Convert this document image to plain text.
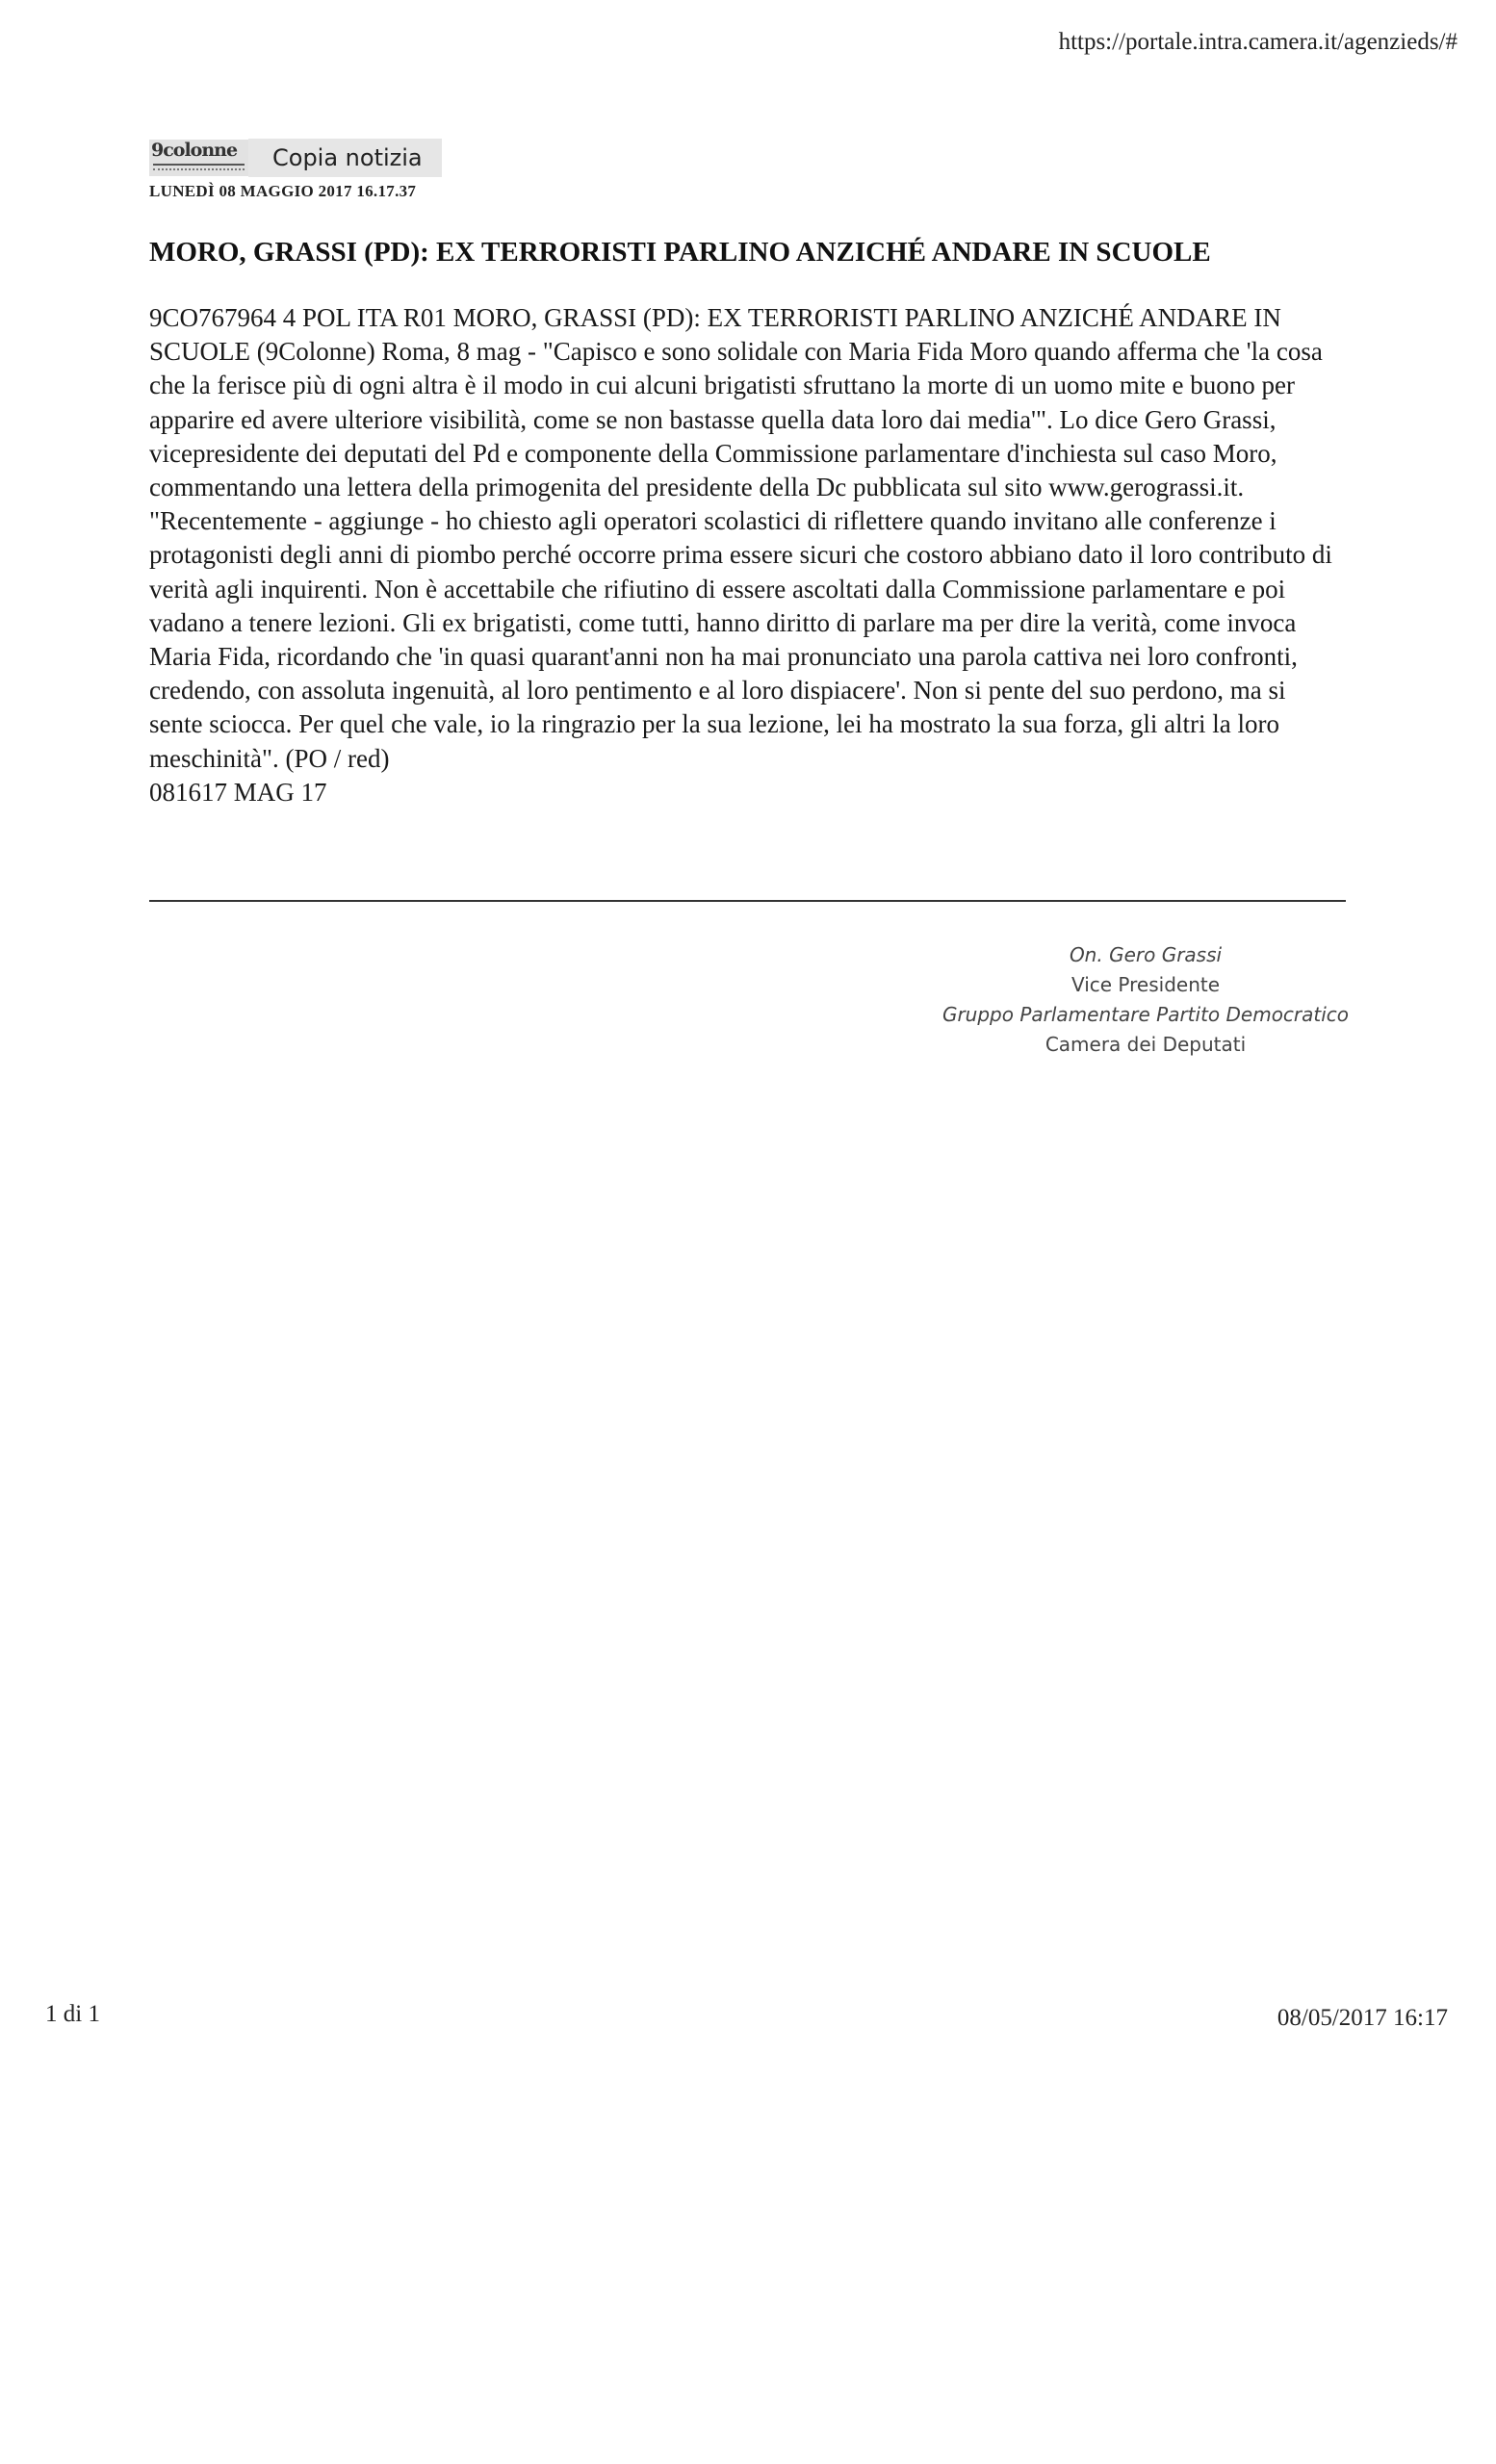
https://portale.intra.camera.it/agenzieds/#
9colonne	Copia notizia
LUNEDÌ 08 MAGGIO 2017 16.17.37
MORO, GRASSI (PD): EX TERRORISTI PARLINO ANZICHÉ ANDARE IN SCUOLE

9CO767964 4 POL ITA R01 MORO, GRASSI (PD): EX TERRORISTI PARLINO ANZICHÉ ANDARE IN SCUOLE (9Colonne) Roma, 8 mag - "Capisco e sono solidale con Maria Fida Moro quando afferma che 'la cosa che la ferisce più di ogni altra è il modo in cui alcuni brigatisti sfruttano la morte di un uomo mite e buono per apparire ed avere ulteriore visibilità, come se non bastasse quella data loro dai media'". Lo dice Gero Grassi, vicepresidente dei deputati del Pd e componente della Commissione parlamentare d'inchiesta sul caso Moro, commentando una lettera della primogenita del presidente della Dc pubblicata sul sito www.gerograssi.it. "Recentemente - aggiunge - ho chiesto agli operatori scolastici di riflettere quando invitano alle conferenze i protagonisti degli anni di piombo perché occorre prima essere sicuri che costoro abbiano dato il loro contributo di verità agli inquirenti. Non è accettabile che rifiutino di essere ascoltati dalla Commissione parlamentare e poi vadano a tenere lezioni. Gli ex brigatisti, come tutti, hanno diritto di parlare ma per dire la verità, come invoca Maria Fida, ricordando che 'in quasi quarant'anni non ha mai pronunciato una parola cattiva nei loro confronti, credendo, con assoluta ingenuità, al loro pentimento e al loro dispiacere'. Non si pente del suo perdono, ma si sente sciocca. Per quel che vale, io la ringrazio per la sua lezione, lei ha mostrato la sua forza, gli altri la loro meschinità". (PO / red)

081617 MAG 17

On. Gero Grassi
Vice Presidente
Gruppo Parlamentare Partito Democratico
Camera dei Deputati
1 di 1	08/05/2017 16:17
